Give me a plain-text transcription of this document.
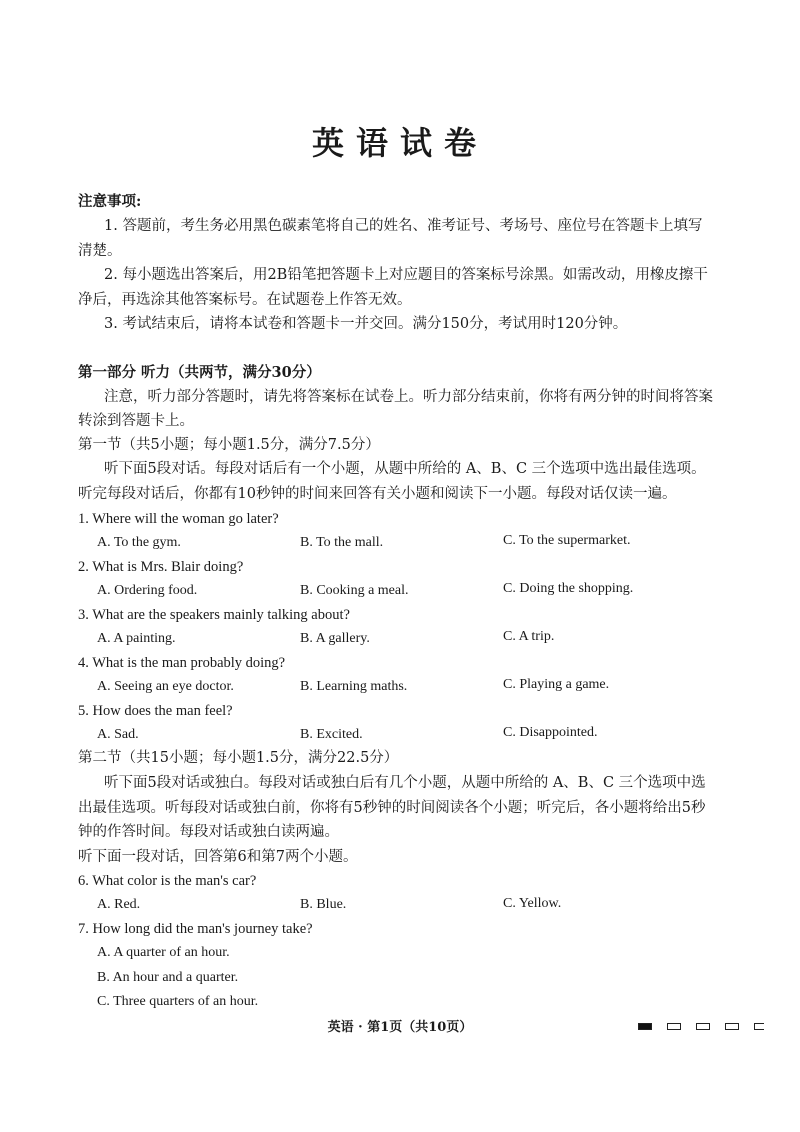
英语试卷
注意事项:
1. 答题前，考生务必用黑色碳素笔将自己的姓名、准考证号、考场号、座位号在答题卡上填写
清楚。
2. 每小题选出答案后，用2B铅笔把答题卡上对应题目的答案标号涂黑。如需改动，用橡皮擦干
净后，再选涂其他答案标号。在试题卷上作答无效。
3. 考试结束后，请将本试卷和答题卡一并交回。满分150分，考试用时120分钟。
第一部分 听力（共两节，满分30分）
注意，听力部分答题时，请先将答案标在试卷上。听力部分结束前，你将有两分钟的时间将答案
转涂到答题卡上。
第一节（共5小题；每小题1.5分，满分7.5分）
听下面5段对话。每段对话后有一个小题，从题中所给的 A、B、C 三个选项中选出最佳选项。
听完每段对话后，你都有10秒钟的时间来回答有关小题和阅读下一小题。每段对话仅读一遍。
1. Where will the woman go later?
A. To the gym.	B. To the mall.	C. To the supermarket.
2. What is Mrs. Blair doing?
A. Ordering food.	B. Cooking a meal.	C. Doing the shopping.
3. What are the speakers mainly talking about?
A. A painting.	B. A gallery.	C. A trip.
4. What is the man probably doing?
A. Seeing an eye doctor.	B. Learning maths.	C. Playing a game.
5. How does the man feel?
A. Sad.	B. Excited.	C. Disappointed.
第二节（共15小题；每小题1.5分，满分22.5分）
听下面5段对话或独白。每段对话或独白后有几个小题，从题中所给的 A、B、C 三个选项中选
出最佳选项。听每段对话或独白前，你将有5秒钟的时间阅读各个小题；听完后，各小题将给出5秒
钟的作答时间。每段对话或独白读两遍。
听下面一段对话，回答第6和第7两个小题。
6. What color is the man's car?
A. Red.	B. Blue.	C. Yellow.
7. How long did the man's journey take?
A. A quarter of an hour.
B. An hour and a quarter.
C. Three quarters of an hour.
英语 · 第1页（共10页）
